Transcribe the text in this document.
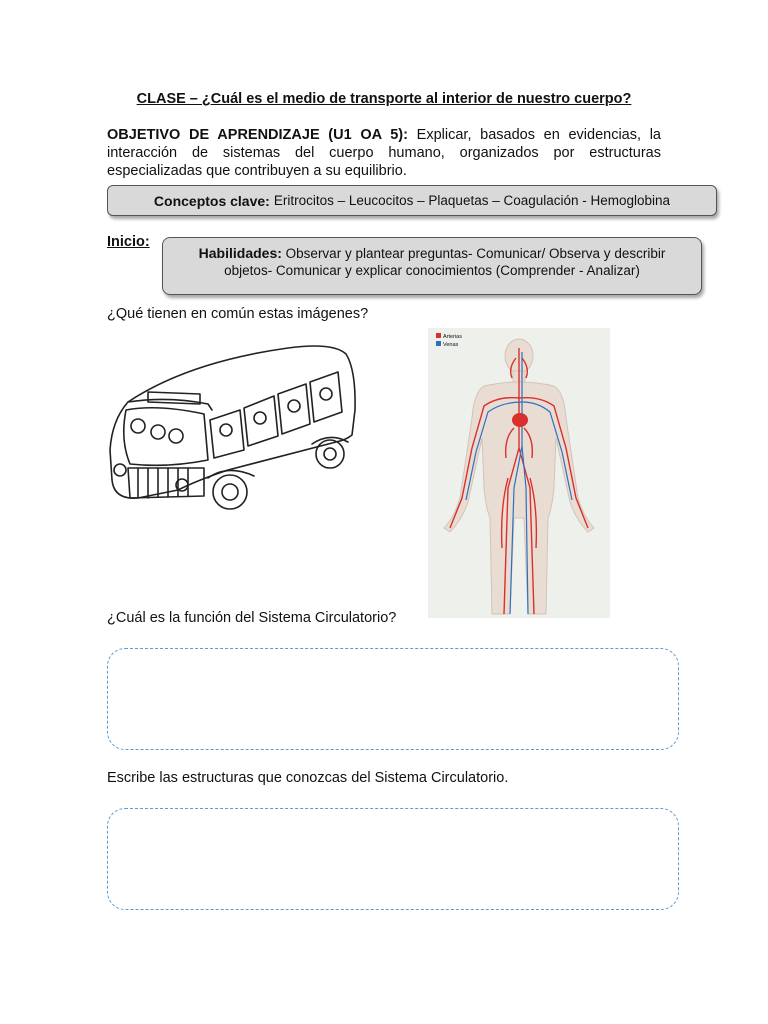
CLASE – ¿Cuál es el medio de transporte al interior de nuestro cuerpo?
OBJETIVO DE APRENDIZAJE (U1 OA 5): Explicar, basados en evidencias, la interacción de sistemas del cuerpo humano, organizados por estructuras especializadas que contribuyen a su equilibrio.
Conceptos clave: Eritrocitos – Leucocitos – Plaquetas – Coagulación - Hemoglobina
Inicio:
Habilidades: Observar y plantear preguntas- Comunicar/ Observa y describir objetos- Comunicar y explicar conocimientos (Comprender - Analizar)
¿Qué tienen en común estas imágenes?
Arterias
Venas
¿Cuál es la función del Sistema Circulatorio?
Escribe las estructuras que conozcas del Sistema Circulatorio.
